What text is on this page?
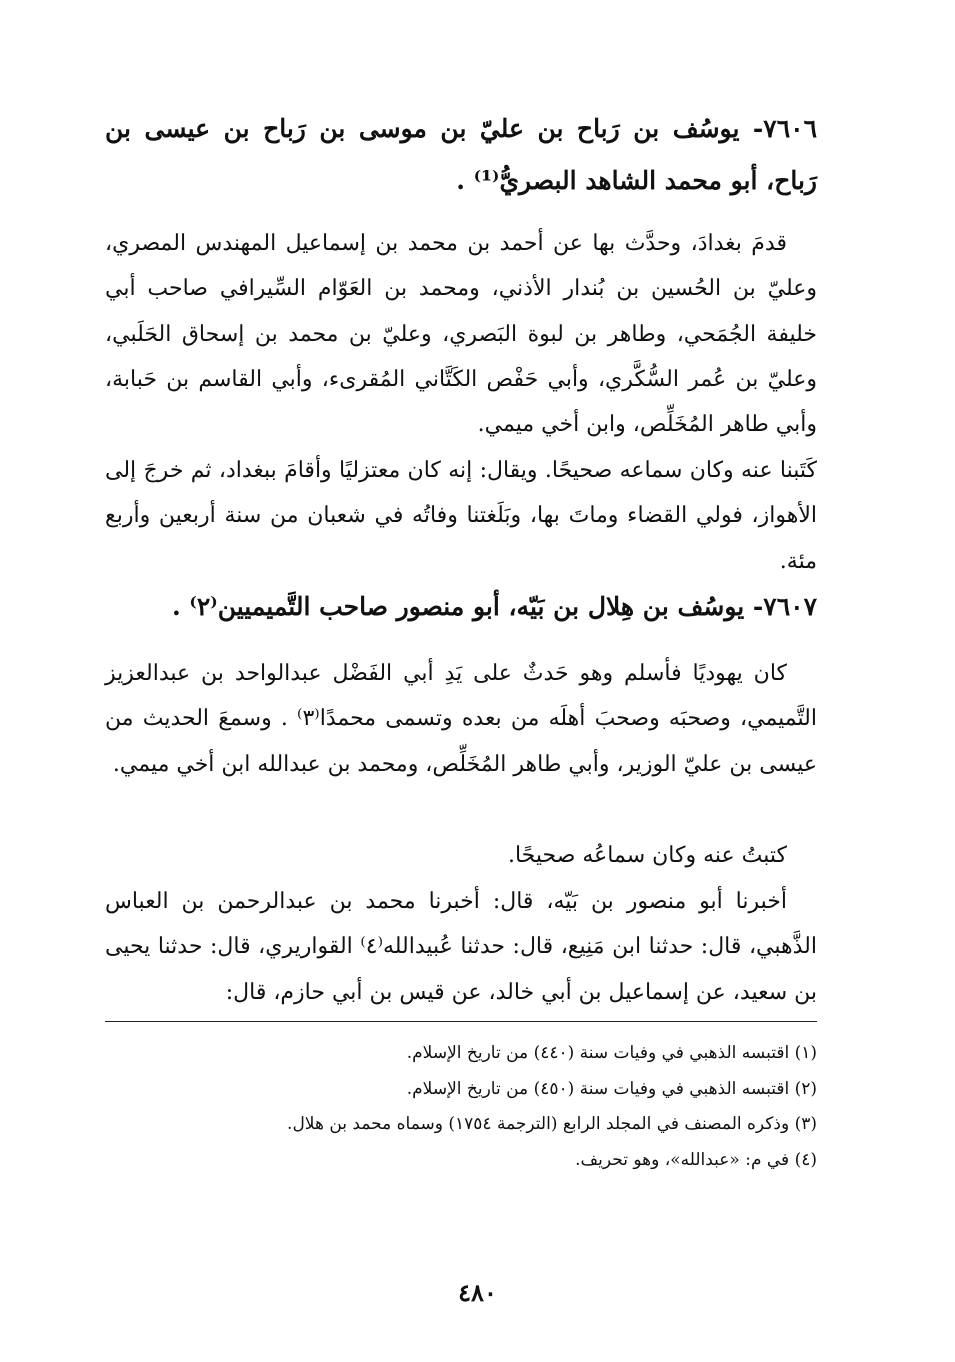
٧٦٠٦- يوسُف بن رَباح بن عليّ بن موسى بن رَباح بن عيسى بن رَباح، أبو محمد الشاهد البصريُّ⁽¹⁾ .
قدمَ بغدادَ، وحدَّث بها عن أحمد بن محمد بن إسماعيل المهندس المصري، وعليّ بن الحُسين بن بُندار الأذني، ومحمد بن العَوّام السِّيرافي صاحب أبي خليفة الجُمَحي، وطاهر بن لبوة البَصري، وعليّ بن محمد بن إسحاق الحَلَبي، وعليّ بن عُمر السُّكَّري، وأبي حَفْص الكَتَّاني المُقرىء، وأبي القاسم بن حَبابة، وأبي طاهر المُخَلِّص، وابن أخي ميمي.
كَتَبنا عنه وكان سماعه صحيحًا. ويقال: إنه كان معتزليًا وأقامَ ببغداد، ثم خرجَ إلى الأهواز، فولي القضاء وماتَ بها، وبَلَغتنا وفاتُه في شعبان من سنة أربعين وأربع مئة.
٧٦٠٧- يوسُف بن هِلال بن بَيّه، أبو منصور صاحب التَّميميين⁽٢⁾ .
كان يهوديًا فأسلم وهو حَدثٌ على يَدِ أبي الفَضْل عبدالواحد بن عبدالعزيز التَّميمي، وصحبَه وصحبَ أهلَه من بعده وتسمى محمدًا⁽٣⁾ . وسمعَ الحديث من عيسى بن عليّ الوزير، وأبي طاهر المُخَلِّص، ومحمد بن عبدالله ابن أخي ميمي.
كتبتُ عنه وكان سماعُه صحيحًا.
أخبرنا أبو منصور بن بَيّه، قال: أخبرنا محمد بن عبدالرحمن بن العباس الذَّهبي، قال: حدثنا ابن مَنِيع، قال: حدثنا عُبيدالله⁽٤⁾ القواريري، قال: حدثنا يحيى بن سعيد، عن إسماعيل بن أبي خالد، عن قيس بن أبي حازم، قال:
(١) اقتبسه الذهبي في وفيات سنة (٤٤٠) من تاريخ الإسلام.
(٢) اقتبسه الذهبي في وفيات سنة (٤٥٠) من تاريخ الإسلام.
(٣) وذكره المصنف في المجلد الرابع (الترجمة ١٧٥٤) وسماه محمد بن هلال.
(٤) في م: «عبدالله»، وهو تحريف.
٤٨٠
